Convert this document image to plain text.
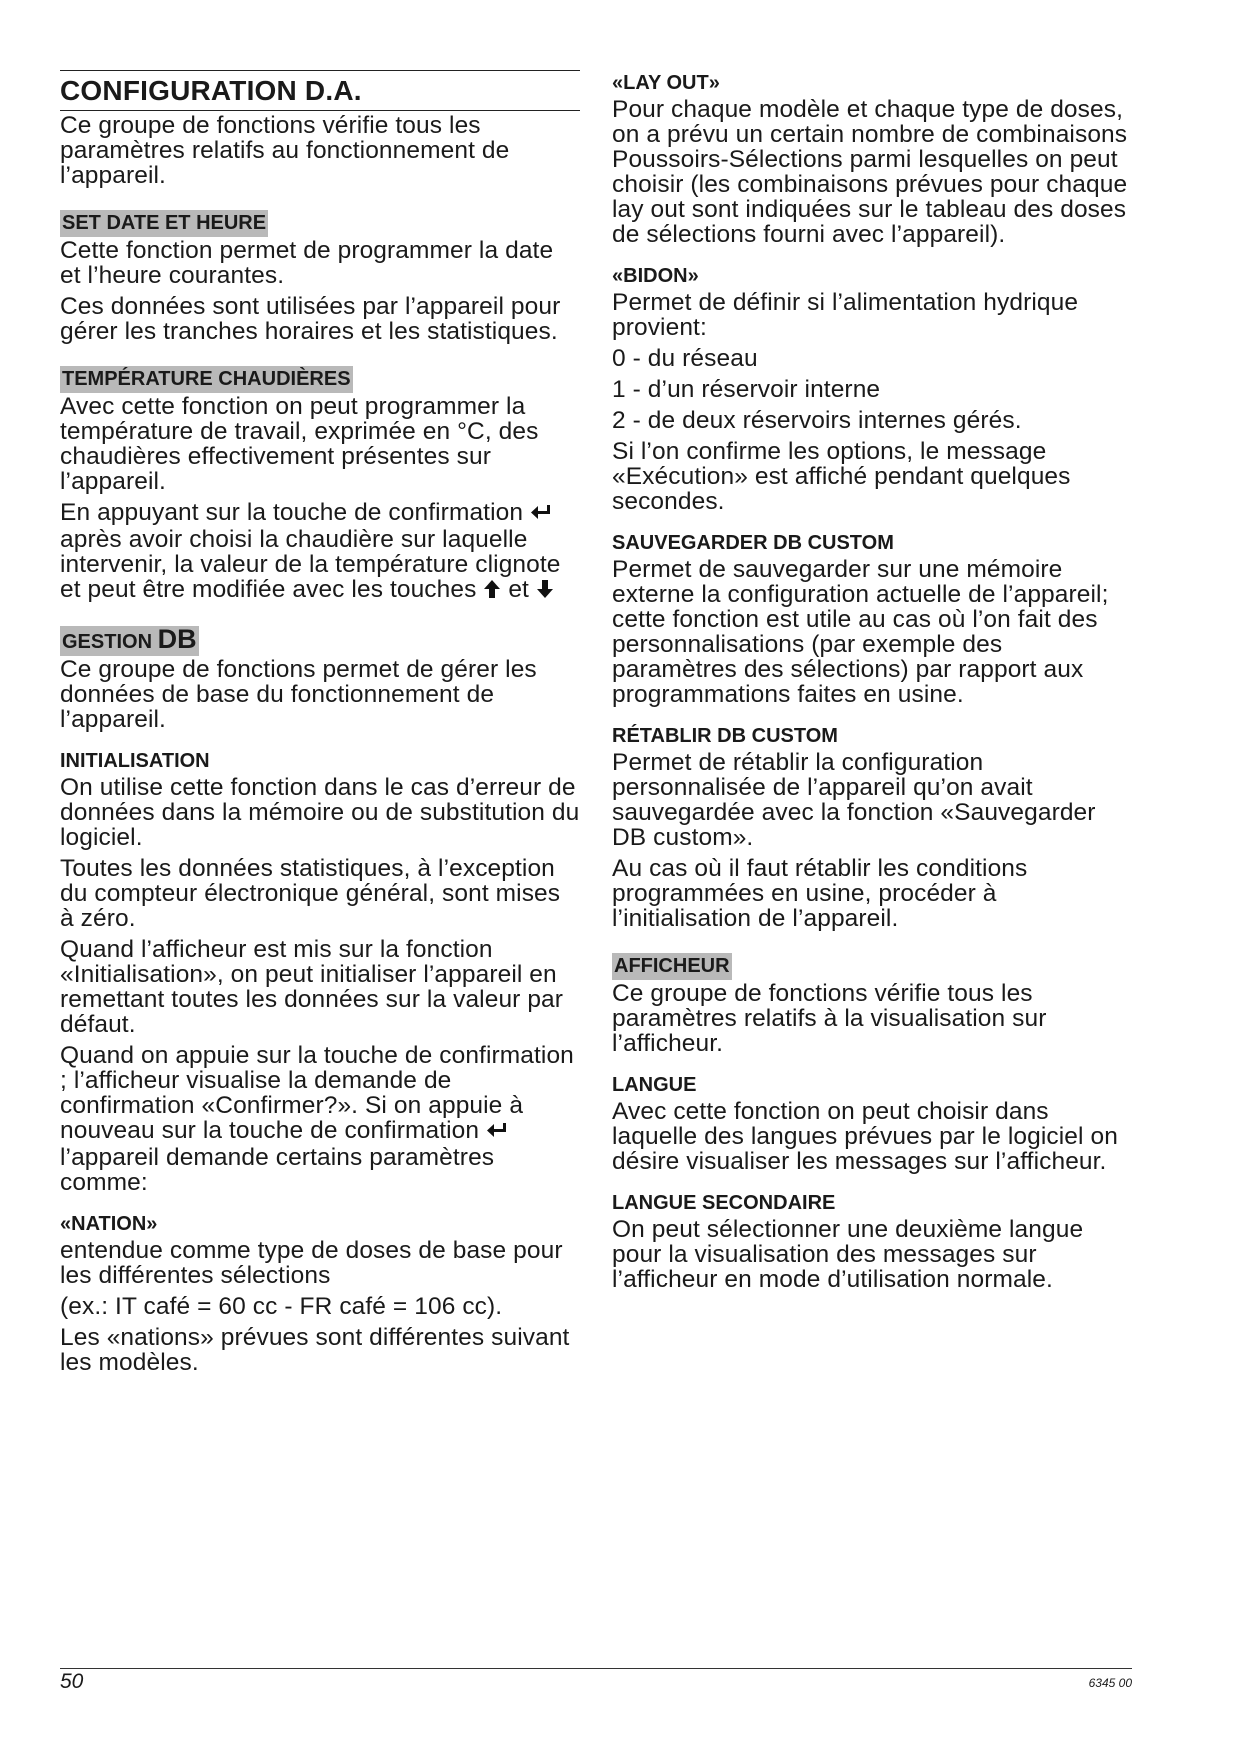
CONFIGURATION D.A.

Ce groupe de fonctions vérifie tous les paramètres relatifs au fonctionnement de l’appareil.

SET DATE ET HEURE

Cette fonction permet de programmer la date et l’heure courantes.

Ces données sont utilisées par l’appareil pour gérer les tranches horaires et les statistiques.

TEMPÉRATURE CHAUDIÈRES

Avec cette fonction on peut programmer la température de travail, exprimée en °C, des chaudières effectivement présentes sur l’appareil.

En appuyant sur la touche de confirmation  après avoir choisi la chaudière sur laquelle intervenir, la valeur de la température clignote et peut être modifiée avec les touches et

GESTION DB

Ce groupe de fonctions permet de gérer les données de base du fonctionnement de l’appareil.

INITIALISATION

On utilise cette fonction dans le cas d’erreur de données dans la mémoire ou de substitution du logiciel.

Toutes les données statistiques, à l’exception du compteur électronique général, sont mises à zéro.

Quand l’afficheur est mis sur la fonction «Initialisation», on peut initialiser l’appareil en remettant toutes les données sur la valeur par défaut.

Quand on appuie sur la touche de confirmation ; l’afficheur visualise la demande de confirmation «Confirmer?». Si on appuie à nouveau sur la touche de confirmation  l’appareil demande certains paramètres comme:

«NATION»

entendue comme type de doses de base pour les différentes sélections

(ex.: IT café = 60 cc - FR café = 106 cc).

Les «nations» prévues sont différentes suivant les modèles.

«LAY OUT»

Pour chaque modèle et chaque type de doses, on a prévu un certain nombre de combinaisons Poussoirs-Sélections parmi lesquelles on peut choisir (les combinaisons prévues pour chaque lay out sont indiquées sur le tableau des doses de sélections fourni avec l’appareil).

«BIDON»

Permet de définir si l’alimentation hydrique provient:

0 - du réseau

1 - d’un réservoir interne

2 - de deux réservoirs internes gérés.

Si l’on confirme les options, le message «Exécution» est affiché pendant quelques secondes.

SAUVEGARDER DB CUSTOM

Permet de sauvegarder sur une mémoire externe la configuration actuelle de l’appareil; cette fonction est utile au cas où l’on fait des personnalisations (par exemple des paramètres des sélections) par rapport aux programmations faites en usine.

RÉTABLIR DB CUSTOM

Permet de rétablir la configuration personnalisée de l’appareil qu’on avait sauvegardée avec la fonction «Sauvegarder DB custom».

Au cas où il faut rétablir les conditions programmées en usine, procéder à l’initialisation de l’appareil.

AFFICHEUR

Ce groupe de fonctions vérifie tous les paramètres relatifs à la visualisation sur l’afficheur.

LANGUE

Avec cette fonction on peut choisir dans laquelle des langues prévues par le logiciel on désire visualiser les messages sur l’afficheur.

LANGUE SECONDAIRE

On peut sélectionner une deuxième langue pour la visualisation des messages sur l’afficheur en mode d’utilisation normale.

50	6345 00
